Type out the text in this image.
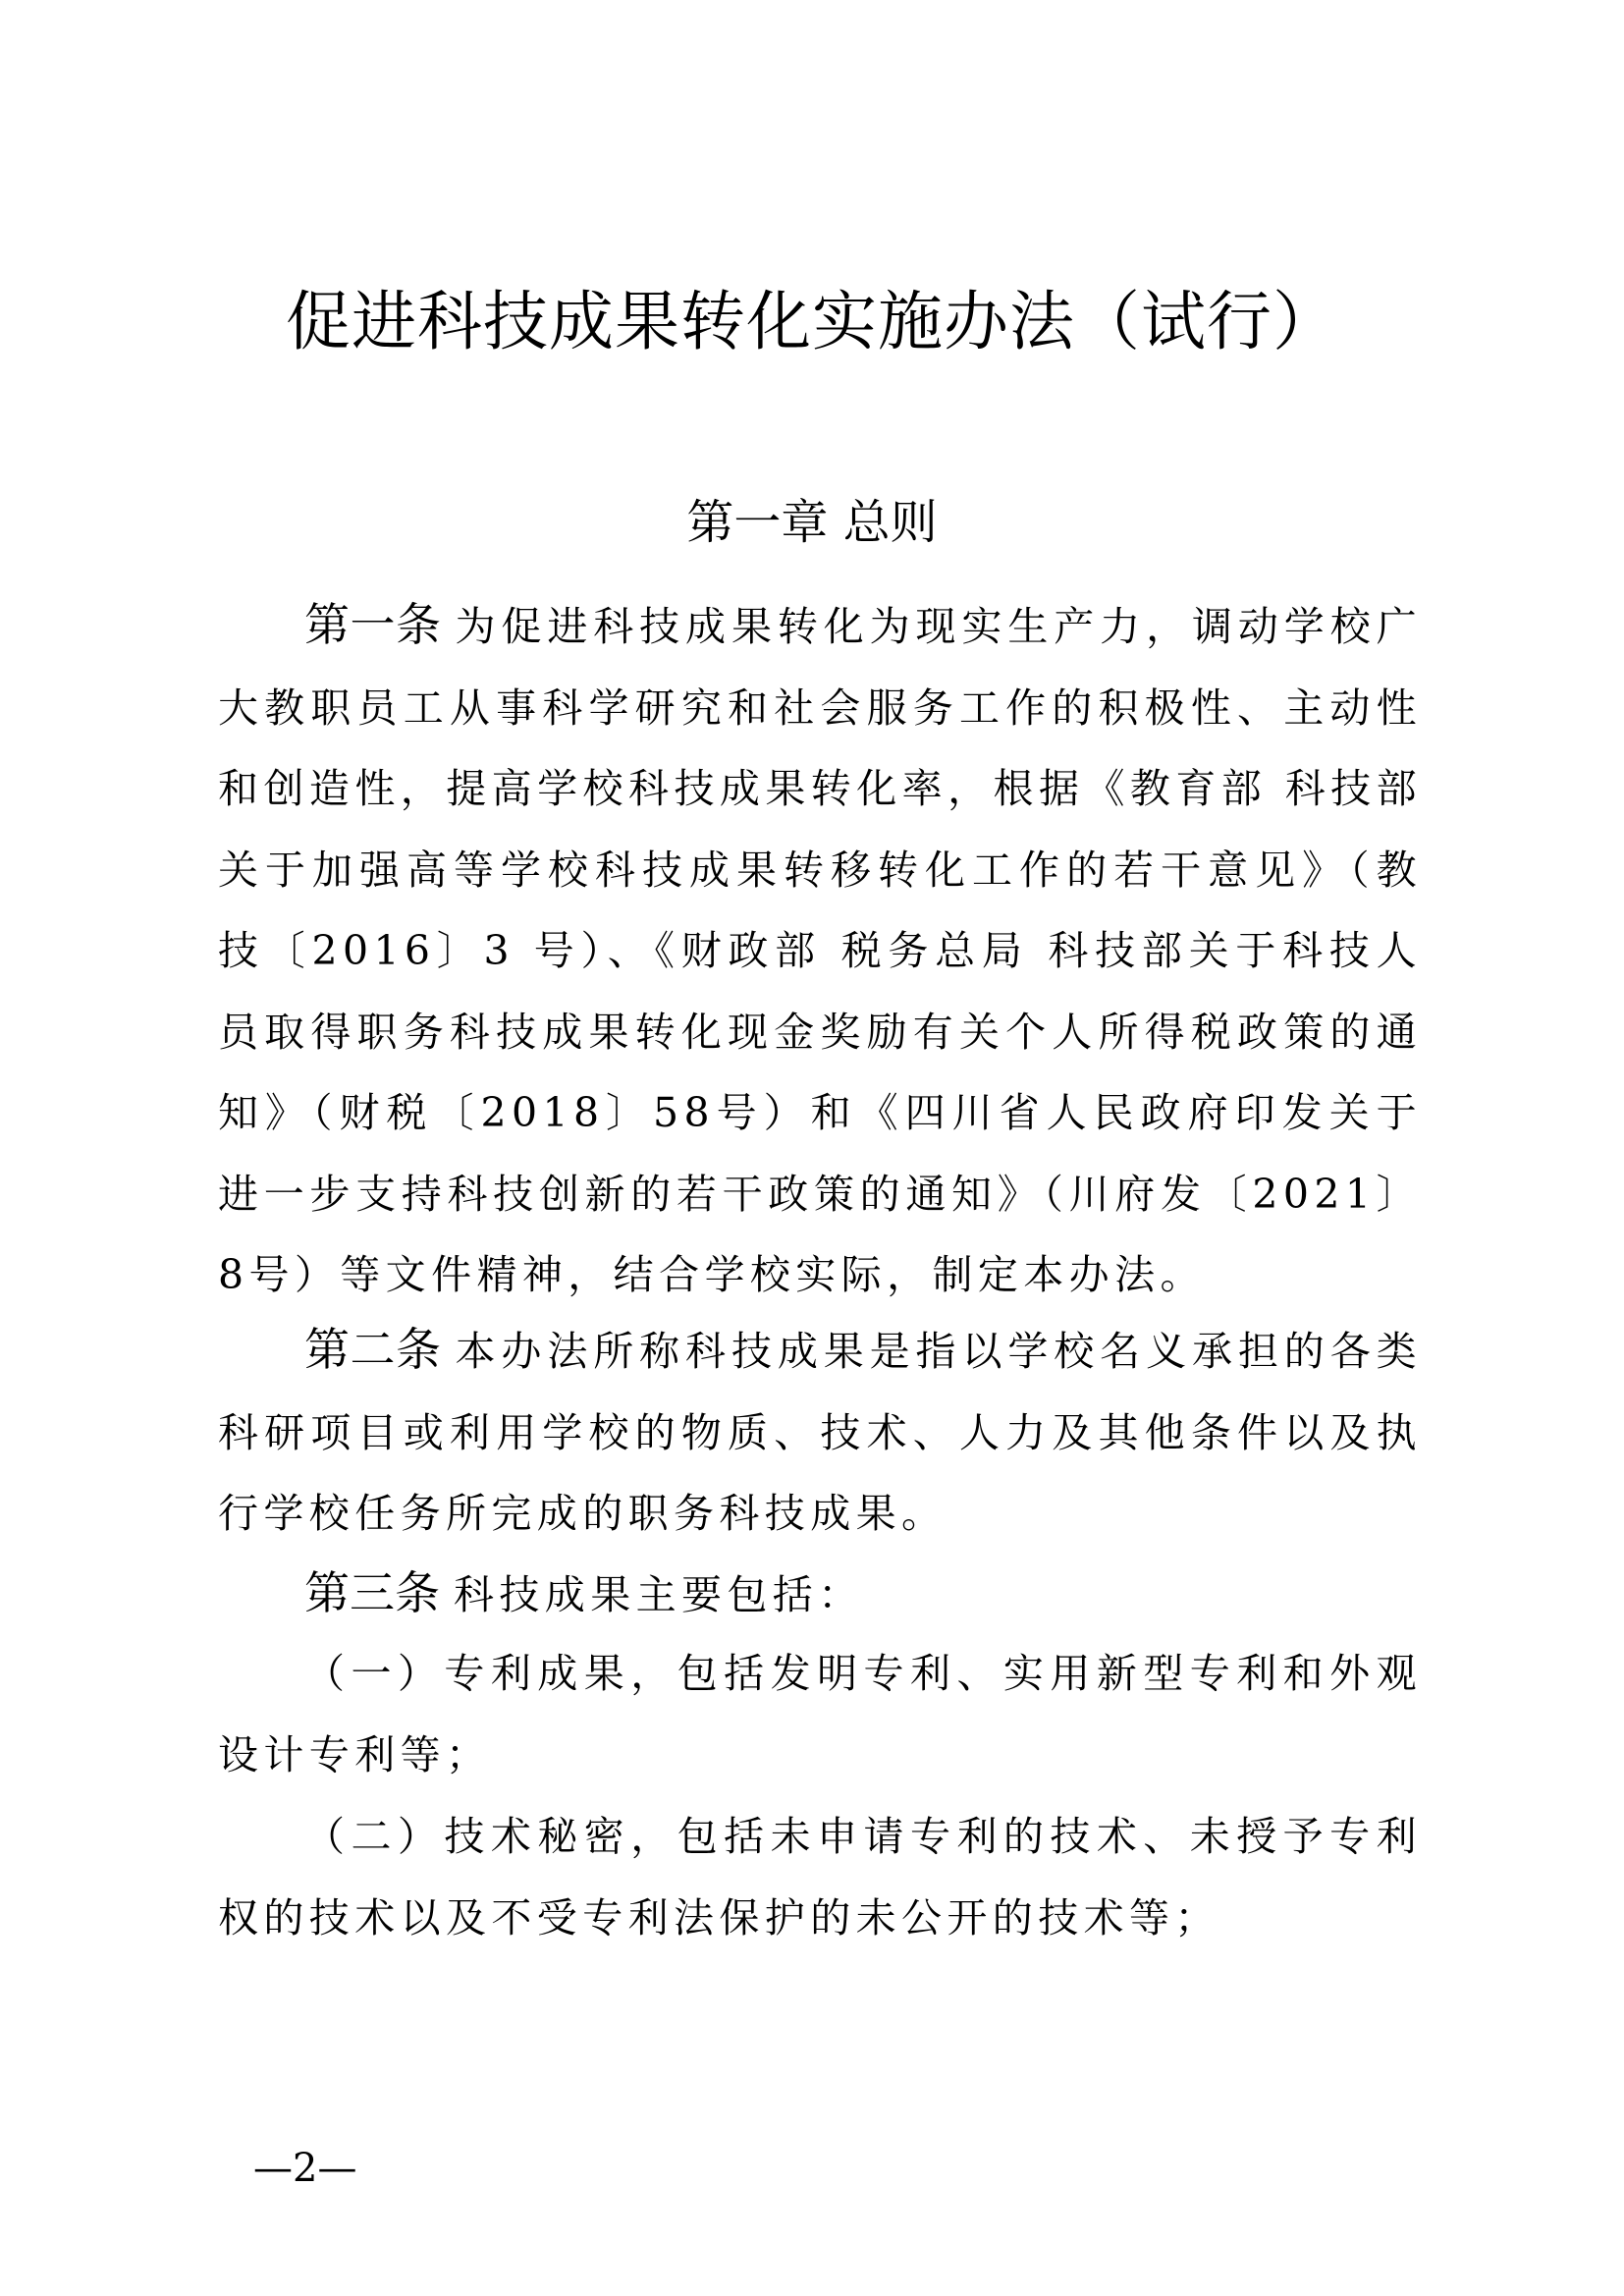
促进科技成果转化实施办法（试行）
第一章 总则

第一条 为促进科技成果转化为现实生产力，调动学校广大教职员工从事科学研究和社会服务工作的积极性、主动性和创造性，提高学校科技成果转化率，根据《教育部 科技部关于加强高等学校科技成果转移转化工作的若干意见》（教技〔2016〕3 号）、《财政部 税务总局 科技部关于科技人员取得职务科技成果转化现金奖励有关个人所得税政策的通知》（财税〔2018〕58号）和《四川省人民政府印发关于进一步支持科技创新的若干政策的通知》（川府发〔2021〕8号）等文件精神，结合学校实际，制定本办法。

第二条 本办法所称科技成果是指以学校名义承担的各类科研项目或利用学校的物质、技术、人力及其他条件以及执行学校任务所完成的职务科技成果。

第三条 科技成果主要包括：

（一）专利成果，包括发明专利、实用新型专利和外观设计专利等；

（二）技术秘密，包括未申请专利的技术、未授予专利权的技术以及不受专利法保护的未公开的技术等；

—2—
